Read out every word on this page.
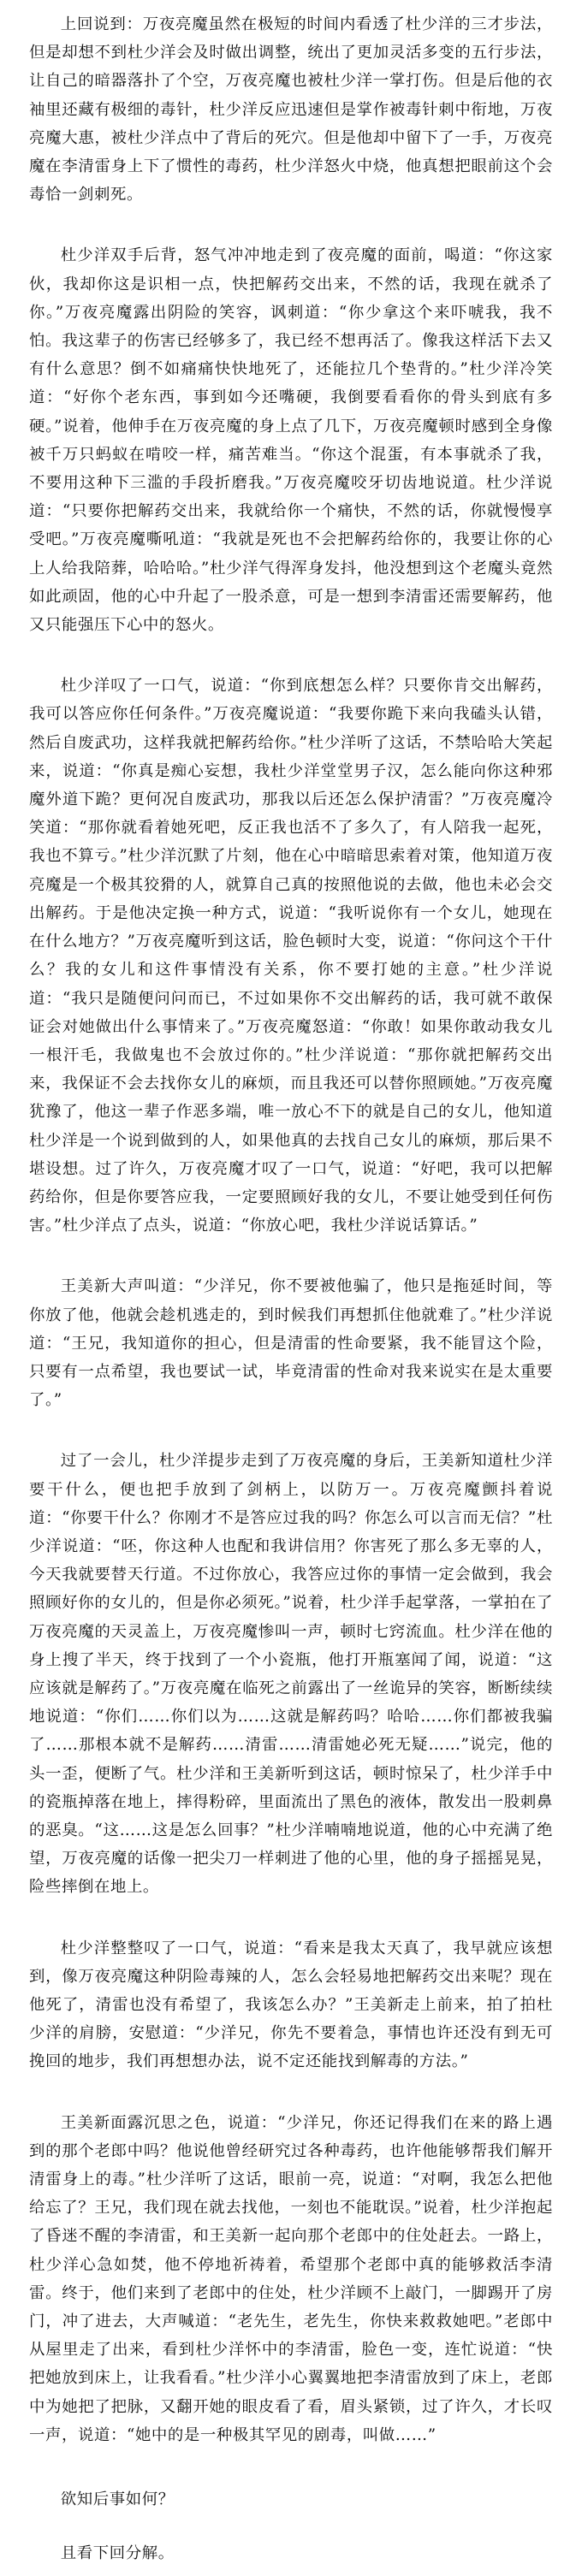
上回说到：万夜亮魔虽然在极短的时间内看透了杜少洋的三才步法，但是却想不到杜少洋会及时做出调整，统出了更加灵活多变的五行步法，让自己的暗器落扑了个空，万夜亮魔也被杜少洋一掌打伤。但是后他的衣袖里还藏有极细的毒针，杜少洋反应迅速但是掌作被毒针刺中衔地，万夜亮魔大惠，被杜少洋点中了背后的死穴。但是他却中留下了一手，万夜亮魔在李清雷身上下了惯性的毒药，杜少洋怒火中烧，他真想把眼前这个会毒恰一剑刺死。

杜少洋双手后背，怒气冲冲地走到了夜亮魔的面前，喝道：“你这家伙，我却你这是识相一点，快把解药交出来，不然的话，我现在就杀了你。”万夜亮魔露出阴险的笑容，讽刺道：“你少拿这个来吓唬我，我不怕。我这辈子的伤害已经够多了，我已经不想再活了。像我这样活下去又有什么意思？倒不如痛痛快快地死了，还能拉几个垫背的。”杜少洋冷笑道：“好你个老东西，事到如今还嘴硬，我倒要看看你的骨头到底有多硬。”说着，他伸手在万夜亮魔的身上点了几下，万夜亮魔顿时感到全身像被千万只蚂蚁在啃咬一样，痛苦难当。“你这个混蛋，有本事就杀了我，不要用这种下三滥的手段折磨我。”万夜亮魔咬牙切齿地说道。杜少洋说道：“只要你把解药交出来，我就给你一个痛快，不然的话，你就慢慢享受吧。”万夜亮魔嘶吼道：“我就是死也不会把解药给你的，我要让你的心上人给我陪葬，哈哈哈。”杜少洋气得浑身发抖，他没想到这个老魔头竟然如此顽固，他的心中升起了一股杀意，可是一想到李清雷还需要解药，他又只能强压下心中的怒火。

杜少洋叹了一口气，说道：“你到底想怎么样？只要你肯交出解药，我可以答应你任何条件。”万夜亮魔说道：“我要你跪下来向我磕头认错，然后自废武功，这样我就把解药给你。”杜少洋听了这话，不禁哈哈大笑起来，说道：“你真是痴心妄想，我杜少洋堂堂男子汉，怎么能向你这种邪魔外道下跪？更何况自废武功，那我以后还怎么保护清雷？”万夜亮魔冷笑道：“那你就看着她死吧，反正我也活不了多久了，有人陪我一起死，我也不算亏。”杜少洋沉默了片刻，他在心中暗暗思索着对策，他知道万夜亮魔是一个极其狡猾的人，就算自己真的按照他说的去做，他也未必会交出解药。于是他决定换一种方式，说道：“我听说你有一个女儿，她现在在什么地方？”万夜亮魔听到这话，脸色顿时大变，说道：“你问这个干什么？我的女儿和这件事情没有关系，你不要打她的主意。”杜少洋说道：“我只是随便问问而已，不过如果你不交出解药的话，我可就不敢保证会对她做出什么事情来了。”万夜亮魔怒道：“你敢！如果你敢动我女儿一根汗毛，我做鬼也不会放过你的。”杜少洋说道：“那你就把解药交出来，我保证不会去找你女儿的麻烦，而且我还可以替你照顾她。”万夜亮魔犹豫了，他这一辈子作恶多端，唯一放心不下的就是自己的女儿，他知道杜少洋是一个说到做到的人，如果他真的去找自己女儿的麻烦，那后果不堪设想。过了许久，万夜亮魔才叹了一口气，说道：“好吧，我可以把解药给你，但是你要答应我，一定要照顾好我的女儿，不要让她受到任何伤害。”杜少洋点了点头，说道：“你放心吧，我杜少洋说话算话。”

王美新大声叫道：“少洋兄，你不要被他骗了，他只是拖延时间，等你放了他，他就会趁机逃走的，到时候我们再想抓住他就难了。”杜少洋说道：“王兄，我知道你的担心，但是清雷的性命要紧，我不能冒这个险，只要有一点希望，我也要试一试，毕竟清雷的性命对我来说实在是太重要了。”

过了一会儿，杜少洋提步走到了万夜亮魔的身后，王美新知道杜少洋要干什么，便也把手放到了剑柄上，以防万一。万夜亮魔颤抖着说道：“你要干什么？你刚才不是答应过我的吗？你怎么可以言而无信？”杜少洋说道：“呸，你这种人也配和我讲信用？你害死了那么多无辜的人，今天我就要替天行道。不过你放心，我答应过你的事情一定会做到，我会照顾好你的女儿的，但是你必须死。”说着，杜少洋手起掌落，一掌拍在了万夜亮魔的天灵盖上，万夜亮魔惨叫一声，顿时七窍流血。杜少洋在他的身上搜了半天，终于找到了一个小瓷瓶，他打开瓶塞闻了闻，说道：“这应该就是解药了。”万夜亮魔在临死之前露出了一丝诡异的笑容，断断续续地说道：“你们……你们以为……这就是解药吗？哈哈……你们都被我骗了……那根本就不是解药……清雷……清雷她必死无疑……”说完，他的头一歪，便断了气。杜少洋和王美新听到这话，顿时惊呆了，杜少洋手中的瓷瓶掉落在地上，摔得粉碎，里面流出了黑色的液体，散发出一股刺鼻的恶臭。“这……这是怎么回事？”杜少洋喃喃地说道，他的心中充满了绝望，万夜亮魔的话像一把尖刀一样刺进了他的心里，他的身子摇摇晃晃，险些摔倒在地上。

杜少洋整整叹了一口气，说道：“看来是我太天真了，我早就应该想到，像万夜亮魔这种阴险毒辣的人，怎么会轻易地把解药交出来呢？现在他死了，清雷也没有希望了，我该怎么办？”王美新走上前来，拍了拍杜少洋的肩膀，安慰道：“少洋兄，你先不要着急，事情也许还没有到无可挽回的地步，我们再想想办法，说不定还能找到解毒的方法。”

王美新面露沉思之色，说道：“少洋兄，你还记得我们在来的路上遇到的那个老郎中吗？他说他曾经研究过各种毒药，也许他能够帮我们解开清雷身上的毒。”杜少洋听了这话，眼前一亮，说道：“对啊，我怎么把他给忘了？王兄，我们现在就去找他，一刻也不能耽误。”说着，杜少洋抱起了昏迷不醒的李清雷，和王美新一起向那个老郎中的住处赶去。一路上，杜少洋心急如焚，他不停地祈祷着，希望那个老郎中真的能够救活李清雷。终于，他们来到了老郎中的住处，杜少洋顾不上敲门，一脚踢开了房门，冲了进去，大声喊道：“老先生，老先生，你快来救救她吧。”老郎中从屋里走了出来，看到杜少洋怀中的李清雷，脸色一变，连忙说道：“快把她放到床上，让我看看。”杜少洋小心翼翼地把李清雷放到了床上，老郎中为她把了把脉，又翻开她的眼皮看了看，眉头紧锁，过了许久，才长叹一声，说道：“她中的是一种极其罕见的剧毒，叫做……”

欲知后事如何？

且看下回分解。
